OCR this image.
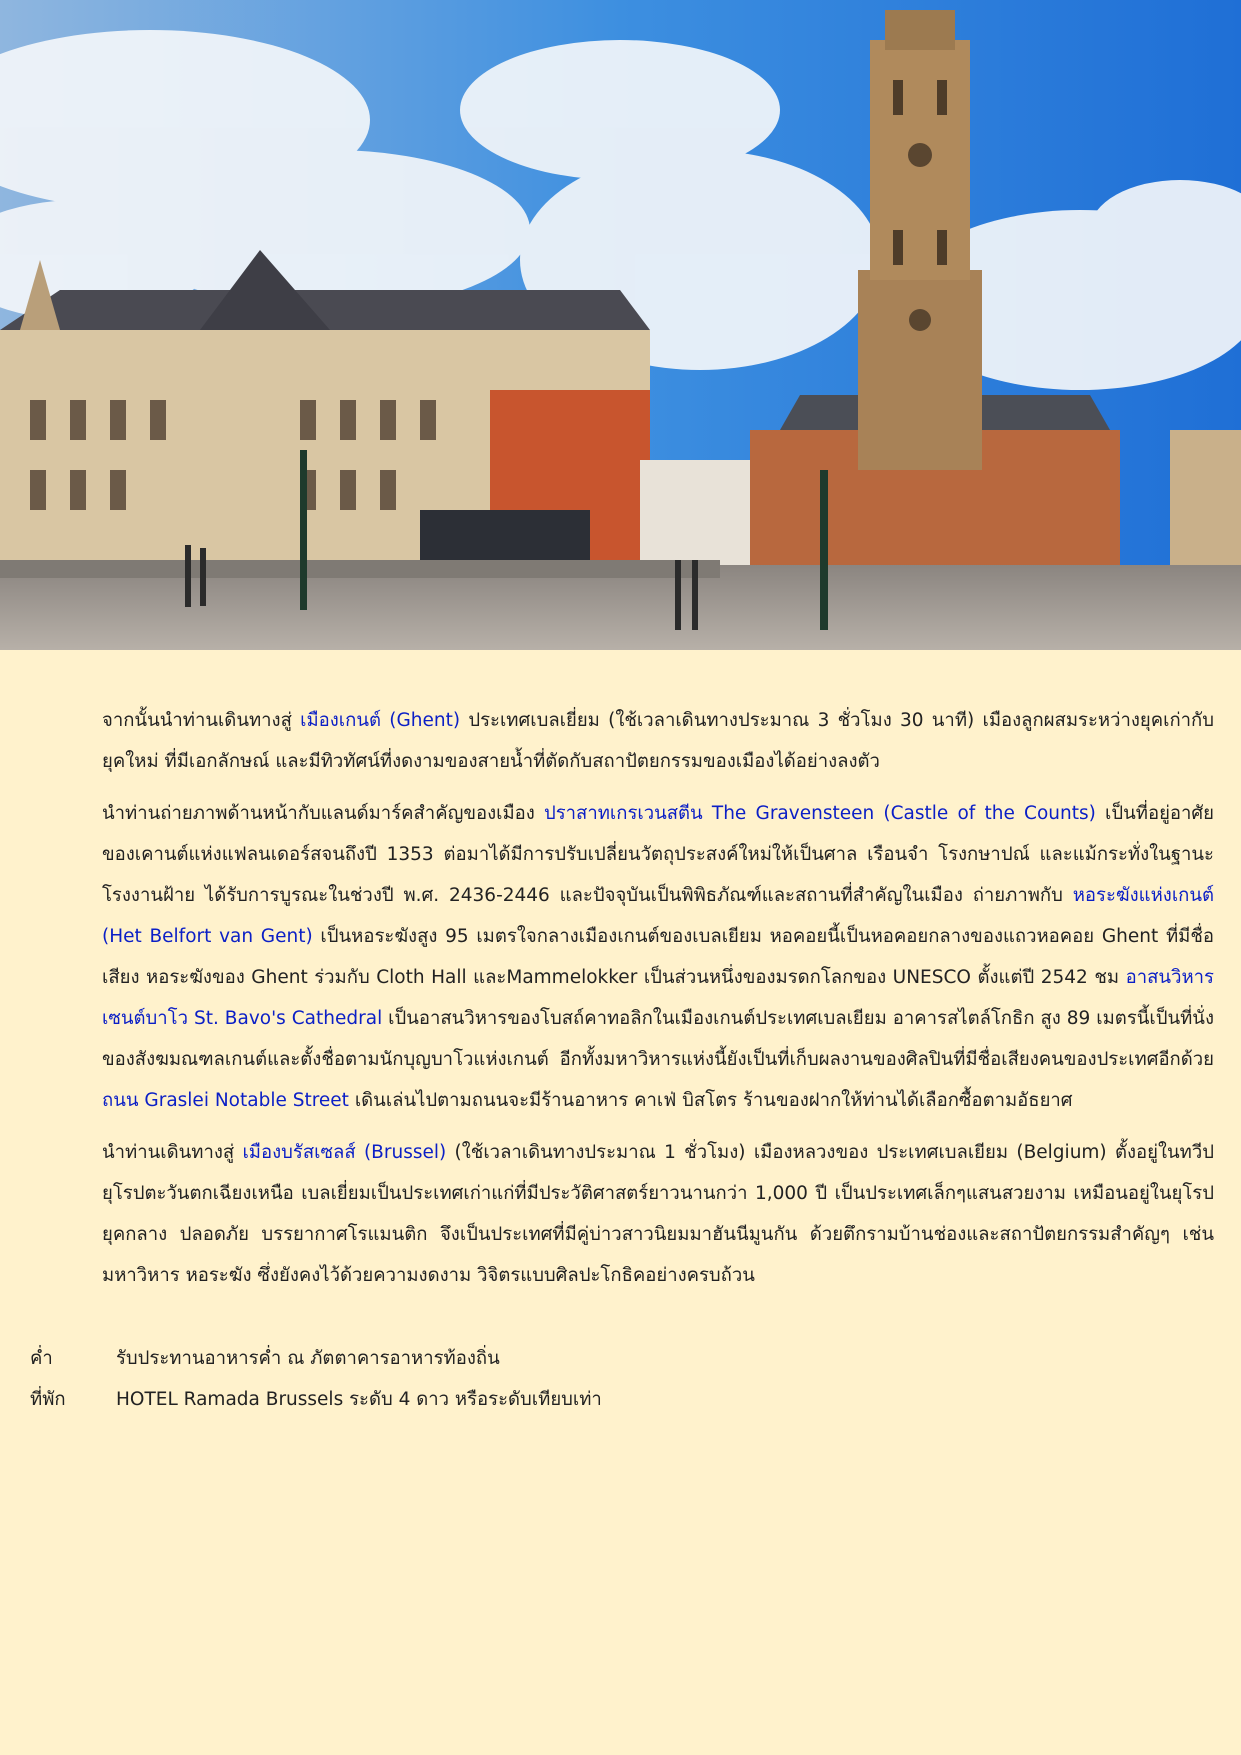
จากนั้นนำท่านเดินทางสู่ เมืองเกนต์ (Ghent) ประเทศเบลเยี่ยม (ใช้เวลาเดินทางประมาณ 3 ชั่วโมง 30 นาที) เมืองลูกผสมระหว่างยุคเก่ากับยุคใหม่ ที่มีเอกลักษณ์ และมีทิวทัศน์ที่งดงามของสายน้ำที่ตัดกับสถาปัตยกรรมของเมืองได้อย่างลงตัว

นำท่านถ่ายภาพด้านหน้ากับแลนด์มาร์คสำคัญของเมือง ปราสาทเกรเวนสตีน The Gravensteen (Castle of the Counts) เป็นที่อยู่อาศัยของเคานต์แห่งแฟลนเดอร์สจนถึงปี 1353 ต่อมาได้มีการปรับเปลี่ยนวัตถุประสงค์ใหม่ให้เป็นศาล เรือนจำ โรงกษาปณ์ และแม้กระทั่งในฐานะโรงงานฝ้าย ได้รับการบูรณะในช่วงปี พ.ศ. 2436-2446 และปัจจุบันเป็นพิพิธภัณฑ์และสถานที่สำคัญในเมือง ถ่ายภาพกับ หอระฆังแห่งเกนต์ (Het Belfort van Gent) เป็นหอระฆังสูง 95 เมตรใจกลางเมืองเกนต์ของเบลเยียม หอคอยนี้เป็นหอคอยกลางของแถวหอคอย Ghent ที่มีชื่อเสียง หอระฆังของ Ghent ร่วมกับ Cloth Hall และMammelokker เป็นส่วนหนึ่งของมรดกโลกของ UNESCO ตั้งแต่ปี 2542 ชม อาสนวิหารเซนต์บาโว St. Bavo's Cathedral เป็นอาสนวิหารของโบสถ์คาทอลิกในเมืองเกนต์ประเทศเบลเยียม อาคารสไตล์โกธิก สูง 89 เมตรนี้เป็นที่นั่งของสังฆมณฑลเกนต์และตั้งชื่อตามนักบุญบาโวแห่งเกนต์ อีกทั้งมหาวิหารแห่งนี้ยังเป็นที่เก็บผลงานของศิลปินที่มีชื่อเสียงคนของประเทศอีกด้วย ถนน Graslei Notable Street เดินเล่นไปตามถนนจะมีร้านอาหาร คาเฟ่ บิสโตร ร้านของฝากให้ท่านได้เลือกซื้อตามอัธยาศ

นำท่านเดินทางสู่ เมืองบรัสเซลส์ (Brussel) (ใช้เวลาเดินทางประมาณ 1 ชั่วโมง) เมืองหลวงของ ประเทศเบลเยียม (Belgium) ตั้งอยู่ในทวีปยุโรปตะวันตกเฉียงเหนือ เบลเยี่ยมเป็นประเทศเก่าแก่ที่มีประวัติศาสตร์ยาวนานกว่า 1,000 ปี เป็นประเทศเล็กๆแสนสวยงาม เหมือนอยู่ในยุโรปยุคกลาง ปลอดภัย บรรยากาศโรแมนติก จึงเป็นประเทศที่มีคู่บ่าวสาวนิยมมาฮันนีมูนกัน ด้วยตึกรามบ้านช่องและสถาปัตยกรรมสำคัญๆ เช่น มหาวิหาร หอระฆัง ซึ่งยังคงไว้ด้วยความงดงาม วิจิตรแบบศิลปะโกธิคอย่างครบถ้วน

ค่ำ	รับประทานอาหารค่ำ ณ ภัตตาคารอาหารท้องถิ่น
ที่พัก	HOTEL Ramada Brussels ระดับ 4 ดาว หรือระดับเทียบเท่า
